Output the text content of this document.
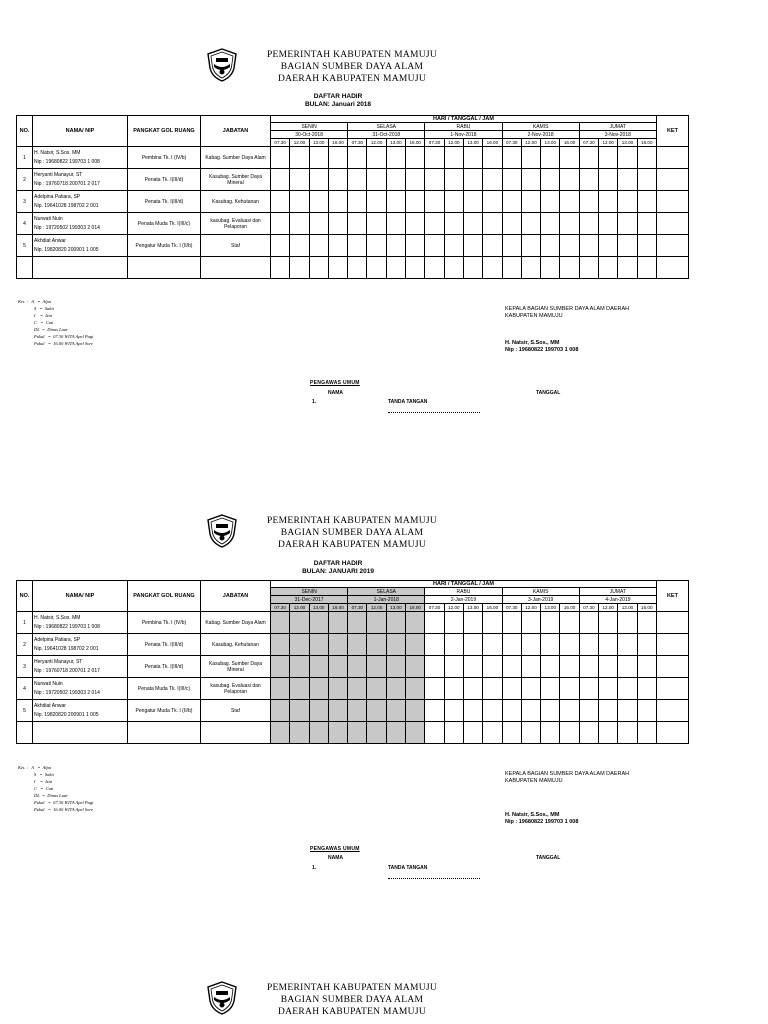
PEMERINTAH KABUPATEN MAMUJU
BAGIAN SUMBER DAYA ALAM
DAERAH KABUPATEN MAMUJU
DAFTAR HADIR
BULAN: Januari 2018
NO.	NAMA/ NIP	PANGKAT GOL RUANG	JABATAN	HARI / TANGGAL / JAM																				KET
				SENIN				SELASA				RABU				KAMIS				JUMAT				
				30-Oct-2018				31-Oct-2018				1-Nov-2018				2-Nov-2018				3-Nov-2018				
				07.30	12.00	13.00	16.00	07.30	12.00	13.00	16.00	07.30	12.00	13.00	16.00	07.30	12.00	13.00	16.00	07.30	12.00	13.00	16.00	
1	H. Natsir, S.Sos. MM
Nip : 19680822 199703 1 008	Pembina Tk. I (IV/b)	Kabag. Sumber Daya Alam																					
2	Heryanti Manayur, ST
Nip : 19760718 200701 2 017	Penata Tk. I(III/d)	Kasubag. Sumber Daya Mineral																					
3	Adelpina Patiara, SP
Nip. 19641028 198702 2 001	Penata Tk. I(III/d)	Kasubag. Kehutanan																					
4	Nurwati Nuin
Nip : 19720502 199303 2 014	Penata Muda Tk. I(III/c)	kasubag. Evaluasi dan Pelaporan																					
5	Akhdiat Anwar
Nip. 19820820 200901 1 005	Pengatur Muda Tk. I (II/b)	Staf																					

Ket. :   A   =  Alpa
S   =  Sakit
I    =  Izin
C   =  Cuti
DL  =  Dinas Luar
Pukul   =  07.30 WITA Apel Pagi
Pukul   =  16.00 WITA Apel Sore
KEPALA BAGIAN SUMBER DAYA ALAM DAERAH
KABUPATEN MAMUJU
H. Natsir, S.Sos., MM
Nip : 19680822 199703 1 008
PENGAWAS UMUM
NAMA	TANGGAL
1.	TANDA TANGAN
PEMERINTAH KABUPATEN MAMUJU
BAGIAN SUMBER DAYA ALAM
DAERAH KABUPATEN MAMUJU
DAFTAR HADIR
BULAN: JANUARI 2019
NO.	NAMA/ NIP	PANGKAT GOL RUANG	JABATAN	HARI / TANGGAL / JAM																				KET
				SENIN				SELASA				RABU				KAMIS				JUMAT				
				31-Dec-2017				1-Jan-2018				2-Jan-2019				3-Jan-2019				4-Jan-2019				
				07.30	12.00	13.00	16.00	07.30	12.00	13.00	16.00	07.30	12.00	13.00	16.00	07.30	12.00	13.00	16.00	07.30	12.00	13.00	16.00	
1	H. Natsir, S.Sos. MM
Nip : 19680822 199703 1 008	Pembina Tk. I (IV/b)	Kabag. Sumber Daya Alam																					
2	Adelpina Patiara, SP
Nip. 19641028 198702 2 001	Penata Tk. I(III/d)	Kasubag. Kehutanan																					
3	Heryanti Manayur, ST
Nip : 19760718 200701 2 017	Penata Tk. I(III/d)	Kasubag. Sumber Daya Mineral																					
4	Nurwati Nuin
Nip : 19720502 199303 2 014	Penata Muda Tk. I(III/c)	kasubag. Evaluasi dan Pelaporan																					
5	Akhdiat Anwar
Nip. 19820820 200901 1 005	Pengatur Muda Tk. I (II/b)	Staf																					

Ket. :   A   =  Alpa
S   =  Sakit
I    =  Izin
C   =  Cuti
DL  =  Dinas Luar
Pukul   =  07.30 WITA Apel Pagi
Pukul   =  16.00 WITA Apel Sore
KEPALA BAGIAN SUMBER DAYA ALAM DAERAH
KABUPATEN MAMUJU
H. Natsir, S.Sos., MM
Nip : 19680822 199703 1 008
PENGAWAS UMUM
NAMA	TANGGAL
1.	TANDA TANGAN
PEMERINTAH KABUPATEN MAMUJU
BAGIAN SUMBER DAYA ALAM
DAERAH KABUPATEN MAMUJU
